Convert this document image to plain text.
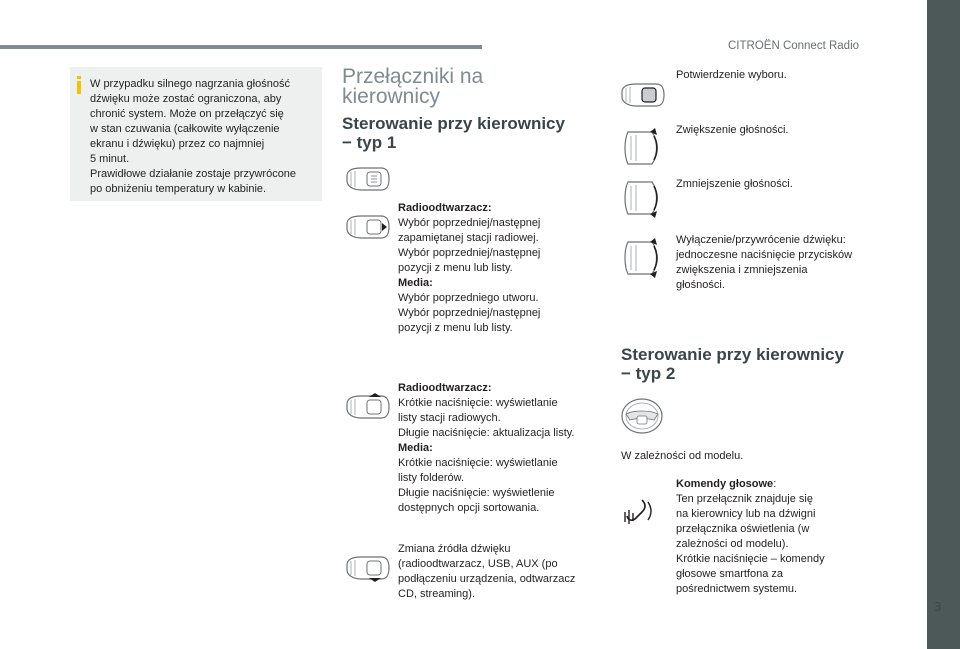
CITROËN Connect Radio
3
W przypadku silnego nagrzania głośność
dźwięku może zostać ograniczona, aby
chronić system. Może on przełączyć się
w stan czuwania (całkowite wyłączenie
ekranu i dźwięku) przez co najmniej
5 minut.
Prawidłowe działanie zostaje przywrócone
po obniżeniu temperatury w kabinie.
Przełączniki na
kierownicy
Sterowanie przy kierownicy
− typ 1
Sterowanie przy kierownicy
− typ 2
Radioodtwarzacz:
Wybór poprzedniej/następnej
zapamiętanej stacji radiowej.
Wybór poprzedniej/następnej
pozycji z menu lub listy.
Media:
Wybór poprzedniego utworu.
Wybór poprzedniej/następnej
pozycji z menu lub listy.
Radioodtwarzacz:
Krótkie naciśnięcie: wyświetlanie
listy stacji radiowych.
Długie naciśnięcie: aktualizacja listy.
Media:
Krótkie naciśnięcie: wyświetlanie
listy folderów.
Długie naciśnięcie: wyświetlenie
dostępnych opcji sortowania.
Zmiana źródła dźwięku
(radioodtwarzacz, USB, AUX (po
podłączeniu urządzenia, odtwarzacz
CD, streaming).
Potwierdzenie wyboru.
Zwiększenie głośności.
Zmniejszenie głośności.
Wyłączenie/przywrócenie dźwięku:
jednoczesne naciśnięcie przycisków
zwiększenia i zmniejszenia
głośności.
W zależności od modelu.
Komendy głosowe:
Ten przełącznik znajduje się
na kierownicy lub na dźwigni
przełącznika oświetlenia (w
zależności od modelu).
Krótkie naciśnięcie – komendy
głosowe smartfona za
pośrednictwem systemu.
